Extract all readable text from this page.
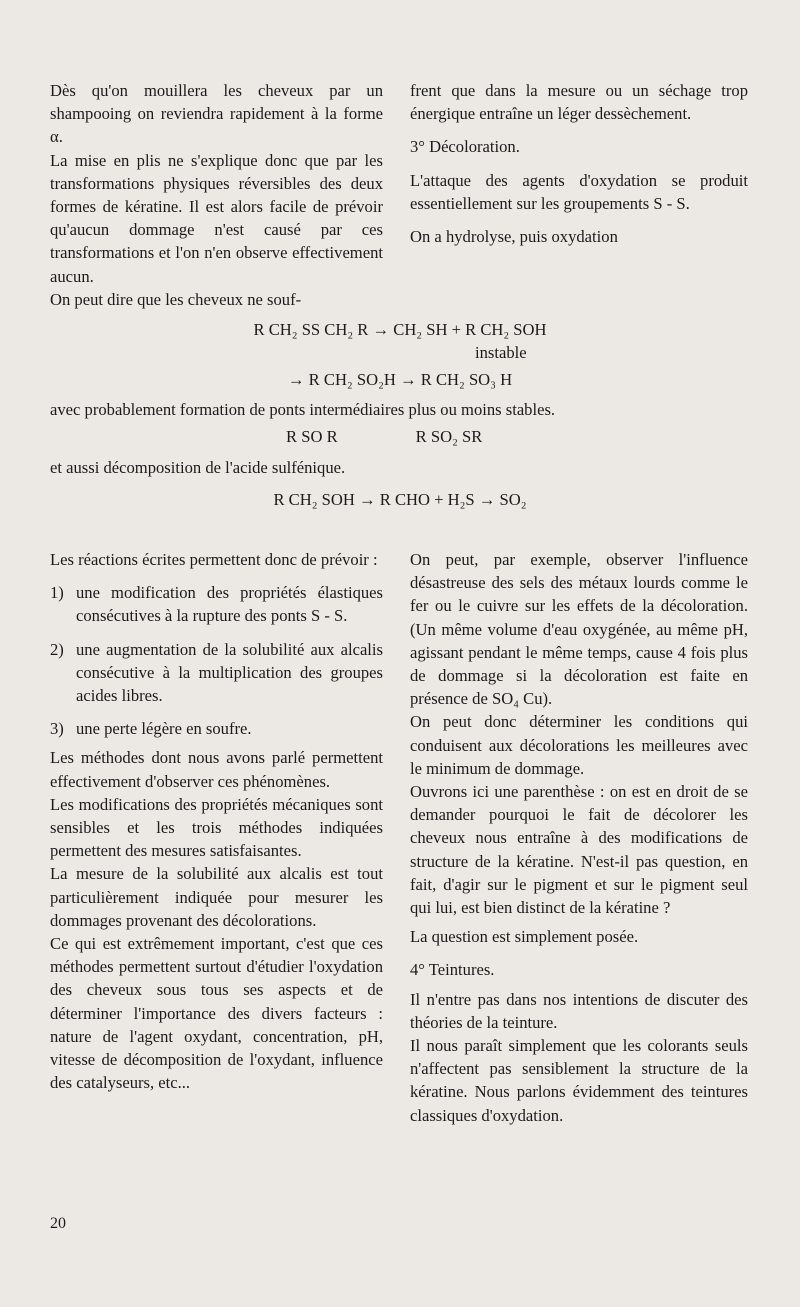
Dès qu'on mouillera les cheveux par un shampooing on reviendra rapidement à la forme α.

La mise en plis ne s'explique donc que par les transformations physiques réversibles des deux formes de kératine. Il est alors facile de prévoir qu'aucun dommage n'est causé par ces transformations et l'on n'en observe effectivement aucun.

On peut dire que les cheveux ne souf-

frent que dans la mesure ou un séchage trop énergique entraîne un léger dessèchement.

3° Décoloration.

L'attaque des agents d'oxydation se produit essentiellement sur les groupements S - S.

On a hydrolyse, puis oxydation

R CH₂ SS CH₂ R → CH₂ SH + R CH₂ SOH
instable
→ R CH₂ SO₂H → R CH₂ SO₃ H
avec probablement formation de ponts intermédiaires plus ou moins stables.
R SO R	R SO₂ SR
et aussi décomposition de l'acide sulfénique.
R CH₂ SOH → R CHO + H₂S → SO₂

Les réactions écrites permettent donc de prévoir :

1) une modification des propriétés élastiques consécutives à la rupture des ponts S - S.
2) une augmentation de la solubilité aux alcalis consécutive à la multiplication des groupes acides libres.
3) une perte légère en soufre.

Les méthodes dont nous avons parlé permettent effectivement d'observer ces phénomènes.

Les modifications des propriétés mécaniques sont sensibles et les trois méthodes indiquées permettent des mesures satisfaisantes.

La mesure de la solubilité aux alcalis est tout particulièrement indiquée pour mesurer les dommages provenant des décolorations.

Ce qui est extrêmement important, c'est que ces méthodes permettent surtout d'étudier l'oxydation des cheveux sous tous ses aspects et de déterminer l'importance des divers facteurs : nature de l'agent oxydant, concentration, pH, vitesse de décomposition de l'oxydant, influence des catalyseurs, etc...

On peut, par exemple, observer l'influence désastreuse des sels des métaux lourds comme le fer ou le cuivre sur les effets de la décoloration. (Un même volume d'eau oxygénée, au même pH, agissant pendant le même temps, cause 4 fois plus de dommage si la décoloration est faite en présence de SO₄ Cu).

On peut donc déterminer les conditions qui conduisent aux décolorations les meilleures avec le minimum de dommage.

Ouvrons ici une parenthèse : on est en droit de se demander pourquoi le fait de décolorer les cheveux nous entraîne à des modifications de structure de la kératine. N'est-il pas question, en fait, d'agir sur le pigment et sur le pigment seul qui lui, est bien distinct de la kératine ?

La question est simplement posée.

4° Teintures.

Il n'entre pas dans nos intentions de discuter des théories de la teinture.

Il nous paraît simplement que les colorants seuls n'affectent pas sensiblement la structure de la kératine. Nous parlons évidemment des teintures classiques d'oxydation.

20
